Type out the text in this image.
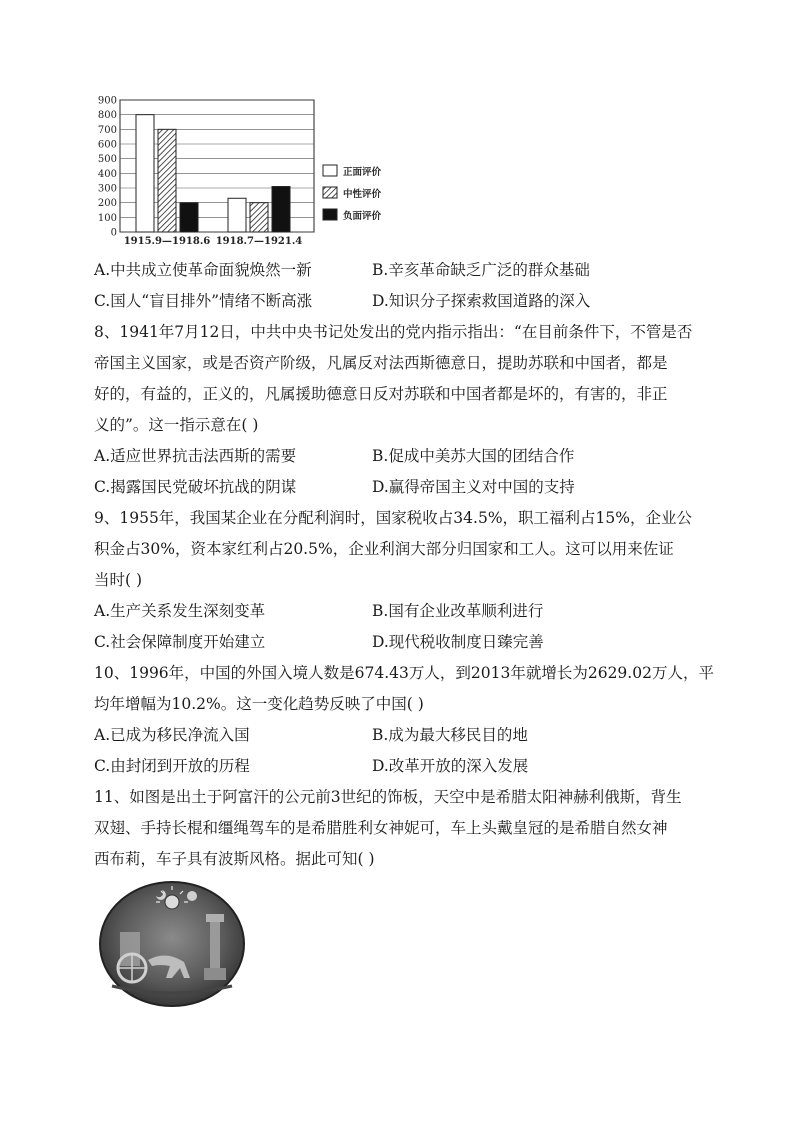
0
100
200
300
400
500
600
700
800
900
1915.9—1918.6 1918.7—1921.4
正面评价
中性评价
负面评价
A.中共成立使革命面貌焕然一新	B.辛亥革命缺乏广泛的群众基础
C.国人“盲目排外”情绪不断高涨	D.知识分子探索救国道路的深入
8、1941年7月12日，中共中央书记处发出的党内指示指出：“在目前条件下，不管是否
帝国主义国家，或是否资产阶级，凡属反对法西斯德意日，提助苏联和中国者，都是
好的，有益的，正义的，凡属援助德意日反对苏联和中国者都是坏的，有害的，非正
义的”。这一指示意在( )
A.适应世界抗击法西斯的需要	B.促成中美苏大国的团结合作
C.揭露国民党破坏抗战的阴谋	D.赢得帝国主义对中国的支持
9、1955年，我国某企业在分配利润时，国家税收占34.5%，职工福利占15%，企业公
积金占30%，资本家红利占20.5%，企业利润大部分归国家和工人。这可以用来佐证
当时( )
A.生产关系发生深刻变革	B.国有企业改革顺利进行
C.社会保障制度开始建立	D.现代税收制度日臻完善
10、1996年，中国的外国入境人数是674.43万人，到2013年就增长为2629.02万人，平
均年增幅为10.2%。这一变化趋势反映了中国( )
A.已成为移民净流入国	B.成为最大移民目的地
C.由封闭到开放的历程	D.改革开放的深入发展
11、如图是出土于阿富汗的公元前3世纪的饰板，天空中是希腊太阳神赫利俄斯，背生
双翅、手持长棍和缰绳驾车的是希腊胜利女神妮可，车上头戴皇冠的是希腊自然女神
西布莉，车子具有波斯风格。据此可知( )
